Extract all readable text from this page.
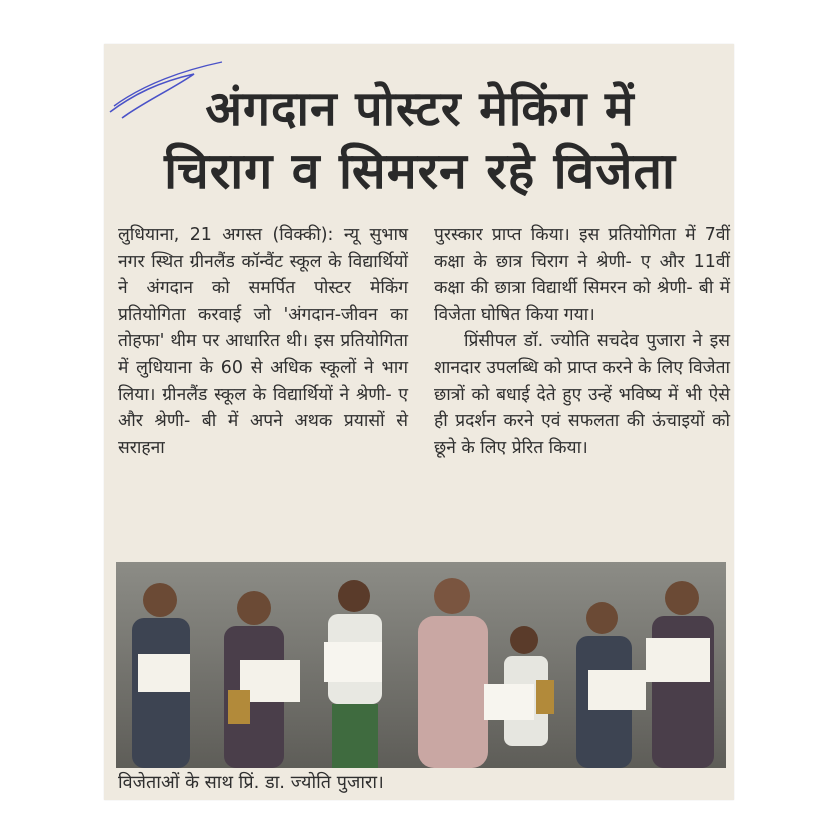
अंगदान पोस्टर मेकिंग में
चिराग व सिमरन रहे विजेता

लुधियाना, 21 अगस्त (विक्की): न्यू सुभाष नगर स्थित ग्रीनलैंड कॉन्वैंट स्कूल के विद्यार्थियों ने अंगदान को समर्पित पोस्टर मेकिंग प्रतियोगिता करवाई जो 'अंगदान-जीवन का तोहफा' थीम पर आधारित थी। इस प्रतियोगिता में लुधियाना के 60 से अधिक स्कूलों ने भाग लिया। ग्रीनलैंड स्कूल के विद्यार्थियों ने श्रेणी- ए और श्रेणी- बी में अपने अथक प्रयासों से सराहना

पुरस्कार प्राप्त किया। इस प्रतियोगिता में 7वीं कक्षा के छात्र चिराग ने श्रेणी- ए और 11वीं कक्षा की छात्रा विद्यार्थी सिमरन को श्रेणी- बी में विजेता घोषित किया गया।

प्रिंसीपल डॉ. ज्योति सचदेव पुजारा ने इस शानदार उपलब्धि को प्राप्त करने के लिए विजेता छात्रों को बधाई देते हुए उन्हें भविष्य में भी ऐसे ही प्रदर्शन करने एवं सफलता की ऊंचाइयों को छूने के लिए प्रेरित किया।

विजेताओं के साथ प्रिं. डा. ज्योति पुजारा।
